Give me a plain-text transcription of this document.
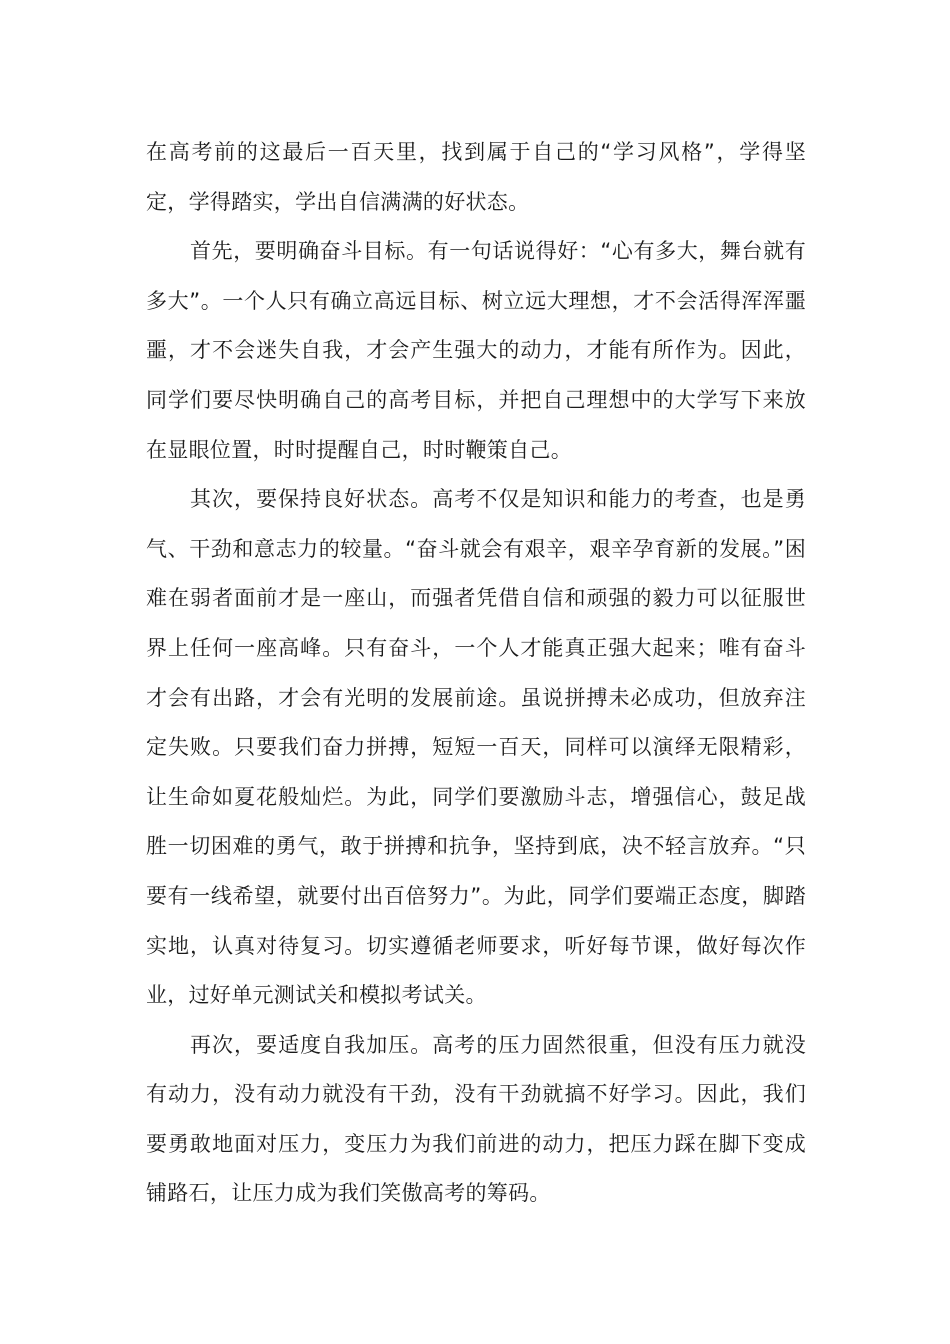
在高考前的这最后一百天里，找到属于自己的“学习风格”，学得坚定，学得踏实，学出自信满满的好状态。

首先，要明确奋斗目标。有一句话说得好：“心有多大，舞台就有多大”。一个人只有确立高远目标、树立远大理想，才不会活得浑浑噩噩，才不会迷失自我，才会产生强大的动力，才能有所作为。因此，同学们要尽快明确自己的高考目标，并把自己理想中的大学写下来放在显眼位置，时时提醒自己，时时鞭策自己。

其次，要保持良好状态。高考不仅是知识和能力的考查，也是勇气、干劲和意志力的较量。“奋斗就会有艰辛，艰辛孕育新的发展。”困难在弱者面前才是一座山，而强者凭借自信和顽强的毅力可以征服世界上任何一座高峰。只有奋斗，一个人才能真正强大起来；唯有奋斗才会有出路，才会有光明的发展前途。虽说拼搏未必成功，但放弃注定失败。只要我们奋力拼搏，短短一百天，同样可以演绎无限精彩，让生命如夏花般灿烂。为此，同学们要激励斗志，增强信心，鼓足战胜一切困难的勇气，敢于拼搏和抗争，坚持到底，决不轻言放弃。“只要有一线希望，就要付出百倍努力”。为此，同学们要端正态度，脚踏实地，认真对待复习。切实遵循老师要求，听好每节课，做好每次作业，过好单元测试关和模拟考试关。

再次，要适度自我加压。高考的压力固然很重，但没有压力就没有动力，没有动力就没有干劲，没有干劲就搞不好学习。因此，我们要勇敢地面对压力，变压力为我们前进的动力，把压力踩在脚下变成铺路石，让压力成为我们笑傲高考的筹码。
